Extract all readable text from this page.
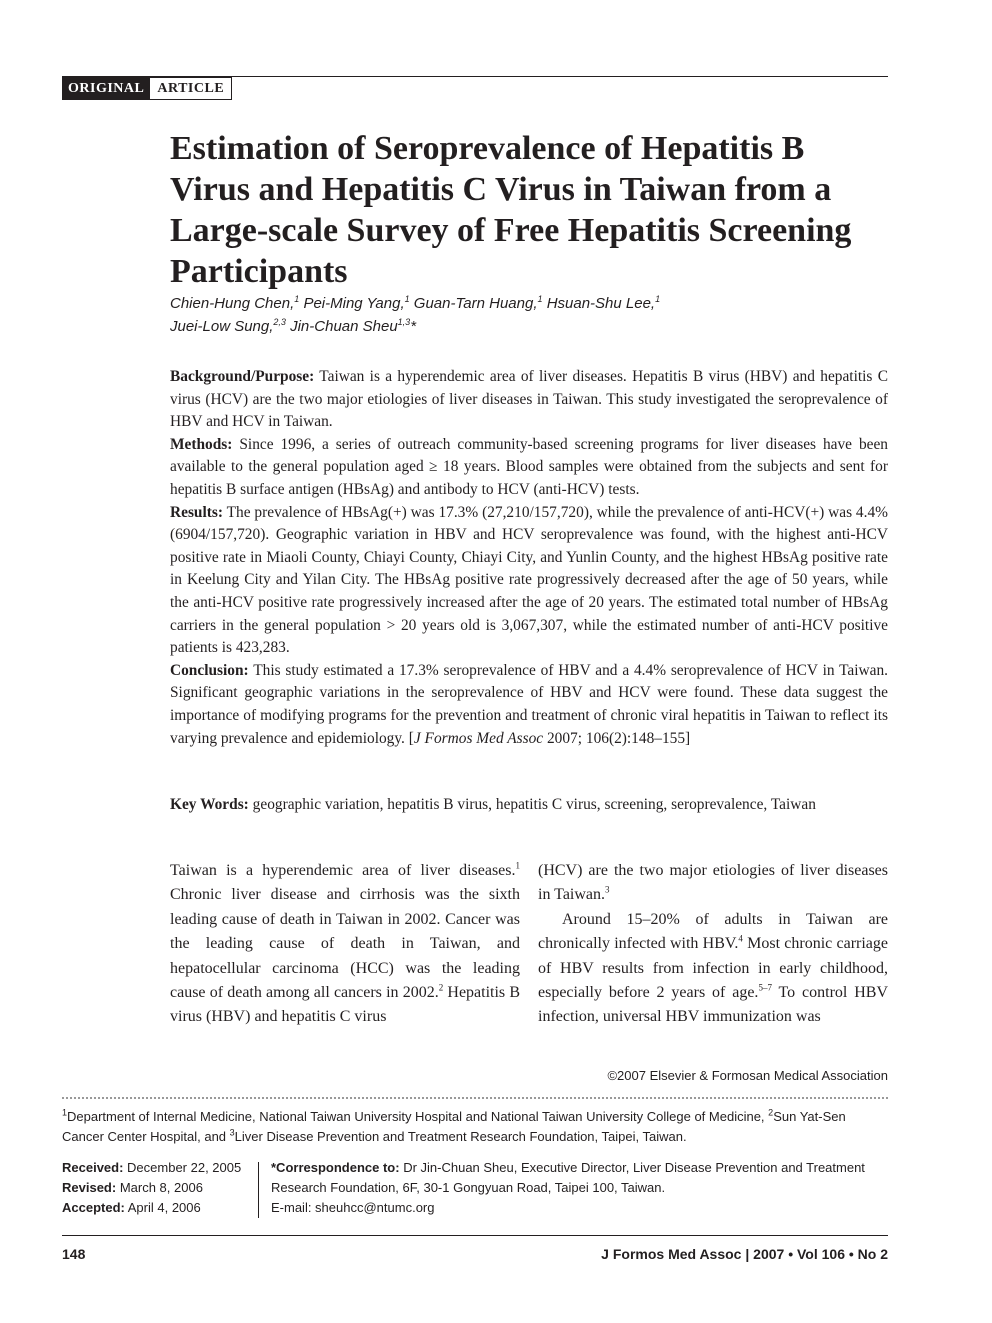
ORIGINAL ARTICLE
Estimation of Seroprevalence of Hepatitis B Virus and Hepatitis C Virus in Taiwan from a Large-scale Survey of Free Hepatitis Screening Participants
Chien-Hung Chen,$^1$ Pei-Ming Yang,$^1$ Guan-Tarn Huang,$^1$ Hsuan-Shu Lee,$^1$
Juei-Low Sung,$^{2,3}$ Jin-Chuan Sheu$^{1,3}$*

Background/Purpose: Taiwan is a hyperendemic area of liver diseases. Hepatitis B virus (HBV) and hepatitis C virus (HCV) are the two major etiologies of liver diseases in Taiwan. This study investigated the seroprevalence of HBV and HCV in Taiwan.

Methods: Since 1996, a series of outreach community-based screening programs for liver diseases have been available to the general population aged ≥ 18 years. Blood samples were obtained from the subjects and sent for hepatitis B surface antigen (HBsAg) and antibody to HCV (anti-HCV) tests.

Results: The prevalence of HBsAg(+) was 17.3% (27,210/157,720), while the prevalence of anti-HCV(+) was 4.4% (6904/157,720). Geographic variation in HBV and HCV seroprevalence was found, with the highest anti-HCV positive rate in Miaoli County, Chiayi County, Chiayi City, and Yunlin County, and the highest HBsAg positive rate in Keelung City and Yilan City. The HBsAg positive rate progressively decreased after the age of 50 years, while the anti-HCV positive rate progressively increased after the age of 20 years. The estimated total number of HBsAg carriers in the general population > 20 years old is 3,067,307, while the estimated number of anti-HCV positive patients is 423,283.

Conclusion: This study estimated a 17.3% seroprevalence of HBV and a 4.4% seroprevalence of HCV in Taiwan. Significant geographic variations in the seroprevalence of HBV and HCV were found. These data suggest the importance of modifying programs for the prevention and treatment of chronic viral hepatitis in Taiwan to reflect its varying prevalence and epidemiology. [J Formos Med Assoc 2007; 106(2):148–155]

Key Words: geographic variation, hepatitis B virus, hepatitis C virus, screening, seroprevalence, Taiwan

Taiwan is a hyperendemic area of liver diseases.$^1$ Chronic liver disease and cirrhosis was the sixth leading cause of death in Taiwan in 2002. Cancer was the leading cause of death in Taiwan, and hepatocellular carcinoma (HCC) was the leading cause of death among all cancers in 2002.$^2$ Hepatitis B virus (HBV) and hepatitis C virus

(HCV) are the two major etiologies of liver diseases in Taiwan.$^3$

Around 15–20% of adults in Taiwan are chronically infected with HBV.$^4$ Most chronic carriage of HBV results from infection in early childhood, especially before 2 years of age.$^{5-7}$ To control HBV infection, universal HBV immunization was

©2007 Elsevier & Formosan Medical Association
$^1$Department of Internal Medicine, National Taiwan University Hospital and National Taiwan University College of Medicine, $^2$Sun Yat-Sen Cancer Center Hospital, and $^3$Liver Disease Prevention and Treatment Research Foundation, Taipei, Taiwan.
Received: December 22, 2005
Revised: March 8, 2006
Accepted: April 4, 2006
*Correspondence to: Dr Jin-Chuan Sheu, Executive Director, Liver Disease Prevention and Treatment Research Foundation, 6F, 30-1 Gongyuan Road, Taipei 100, Taiwan.
E-mail: sheuhcc@ntumc.org
148	J Formos Med Assoc | 2007 • Vol 106 • No 2
